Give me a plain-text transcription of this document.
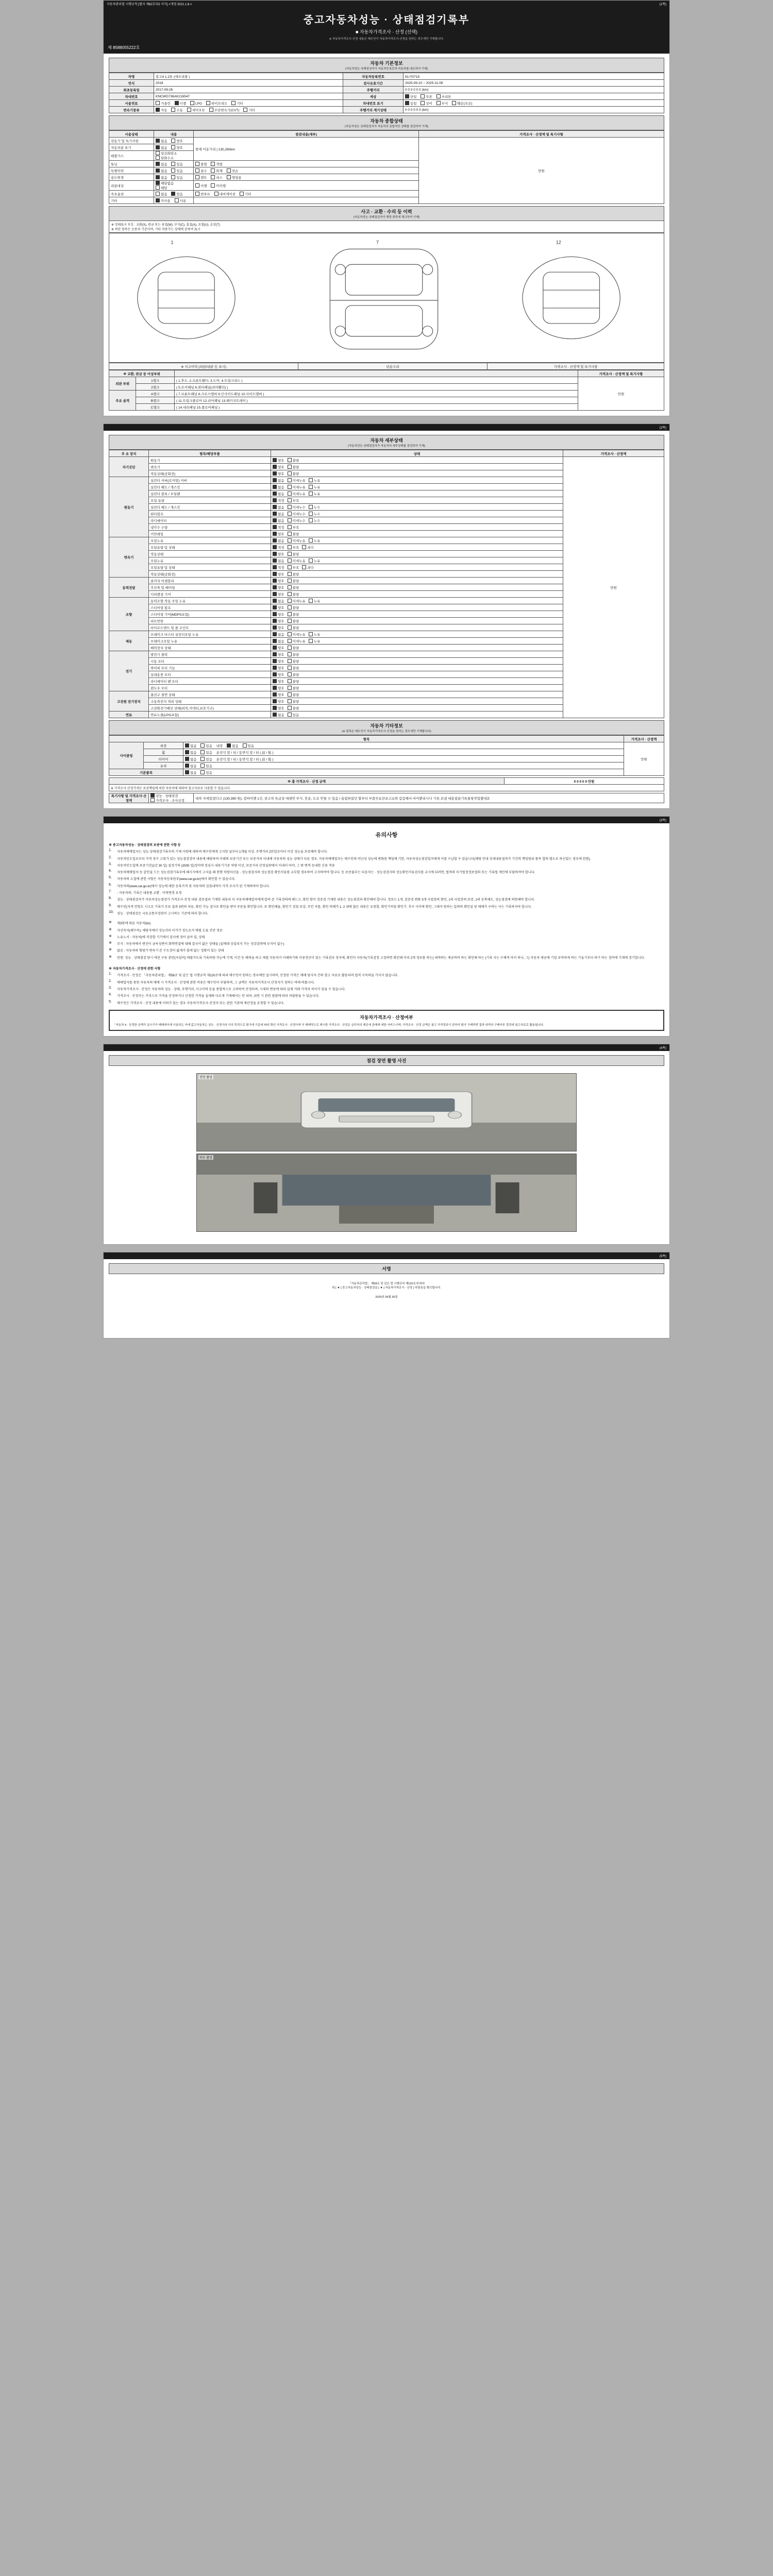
자동차관리법 시행규칙 [별지 제82호의2 서식] <개정 2021.1.8.>	(1쪽)
중고자동차성능 · 상태점검기록부
■ 자동차가격조사 · 산정 (선택)
※ 자동차가격조사·산정 내용은 매수인이 자동차가격조사·산정을 원하는 경우에만 기재합니다.
제 8588055222호
자동차 기본정보
(자동차성능·상태점검자가 자동차등록증과 자동차를 대조하여 기재)
차명	봉고4 1.2톤 (에브리볼 )	자동차등록번호	81러0719
연식	2018	검사유효기간	2025-09-10 ~ 2025-11-09
최초등록일	2017-09-26	주행거리	0 0 0 0 0 0 (km)
차대번호	KNCWG736AK216547	색상	단일 투톤 쓰리톤
사용연료	가솔린 디젤 LPG 하이브리드 기타	차대번호 표기	동일 상이 부식 훼손(오손)
변속기종류	자동 수동 세미오토 무단변속기(CVT) 기타	주행거리 계기상태	0 0 0 0 0 0 (km)
자동차 종합상태
(자동차성능·상태점검자가 자동차의 종합적인 상태를 점검하여 기재)
사용상태	내용	점검내용(세부)	가격조사 · 산정액 및 특기사항
전동기 및 특기사항	없음 양호	현재 이동거리 | 130,260km	만원
자동차종 표기	없음 양호		
배출가스	일산화탄소 탄화수소		
튜닝	없음 있음	불법 적법	
특별이력	없음 있음	침수 화재 전손	
용도변경	없음 있음	렌트 리스 영업용	
리콜대상	해당없음 해당	이행 미이행	
주요옵션	없음 있음	썬루프 내비게이션 기타	
기타	미사용 사용		
사고 · 교환 · 수리 등 이력
(자동차성능·상태점검자가 해당 항목에 체크하여 기재)
※ 상태표시 부호 : 교환(X), 판금 또는 용접(W), 부식(C), 흠집(A), 요철(U), 손상(T)
※ 하단 항목은 승용차 기준이며, 기타 차종가는 상태에 준하여 표시
1	7	12
※ 사고이력 (외판/내판 등 표시)	단순수리	가격조사 · 산정액 및 특기사항
※ 교환, 판금 등 이상부위			가격조사 · 산정액 및 특기사항
외판 부위	1랭크	( 1.후드, 2.프론트휀더, 3.도어, 4.트렁크리드 )	만원
	2랭크	( 5.로커패널 6.쿼터패널(리어휀더) )	
주요 골격	A랭크	( 7.프론트패널 8.크로스멤버 9.인사이드패널 10.사이드멤버 )	
	B랭크	( 11.트렁크플로어 12.리어패널 13.패키지트레이 )	
	C랭크	( 14.대쉬패널 15.플로어패널 )	
(2쪽)
자동차 세부상태
(자동차성능·상태점검자가 자동차의 세부상태를 점검하여 기재)
주 요 장치	항목/해당부품	상태	가격조사 · 산정액
자기진단	원동기	양호 불량	만원
	변속기	양호 불량	
	작동상태(공회전)	양호 불량	
원동기	실린더 커버(로커암) 커버	없음 미세누유 누유	
	실린더 헤드 / 개스킷	없음 미세누유 누유	
	실린더 블록 / 오일팬	없음 미세누유 누유	
	오일 유량	적정 부족	
	실린더 헤드 / 개스킷	없음 미세누수 누수	
	워터펌프	없음 미세누수 누수	
	라디에이터	없음 미세누수 누수	
	냉각수 수량	적정 부족	
	커먼레일	양호 불량	
변속기	오일누유	없음 미세누유 누유	
	오일유량 및 상태	적정 부족 과다	
	작동상태	양호 불량	
	오일누유	없음 미세누유 누유	
	오일유량 및 상태	적정 부족 과다	
	작동상태(공회전)	양호 불량	
동력전달	클러치 어셈블리	양호 불량	
	추진축 및 베어링	양호 불량	
	디퍼렌셜 기어	양호 불량	
조향	동력조향 작동 오일 누유	없음 미세누유 누유	
	스티어링 펌프	양호 불량	
	스티어링 기어(MDPS포함)	양호 불량	
	피트먼암	양호 불량	
	타이로드엔드 및 볼 조인트	양호 불량	
제동	브레이크 마스터 실린더오일 누유	없음 미세누유 누유	
	브레이크오일 누유	없음 미세누유 누유	
	배력장치 상태	양호 불량	
전기	발전기 출력	양호 불량	
	시동 모터	양호 불량	
	와이퍼 모터 기능	양호 불량	
	실내송풍 모터	양호 불량	
	라디에이터 팬 모터	양호 불량	
	윈도우 모터	양호 불량	
고전원 전기장치	충전구 절연 상태	양호 불량	
	구동축전지 격리 상태	양호 불량	
	고전원전기배선 상태(피복,커넥터,보호기구)	양호 불량	
연료	연료누출(LPG포함)	없음 있음	
자동차 기타정보
(※ 항목은 매수인이 자동차가격조사·산정을 원하는 경우에만 기재합니다)
항목			가격조사 · 산정액
사이클링	외장	없음 있음 내장 없음 있음	만원
	휠	없음 있음 운전석 앞 / 뒤 / 동반석 앞 / 뒤 ( 前 / 後 )	
	타이어	없음 있음 운전석 앞 / 뒤 / 동반석 앞 / 뒤 ( 前 / 後 )	
	유리	없음 있음	
기본품목		없음 있음	
※ 총 가격조사 · 산정 금액	0 0 0 0 0 만원
※ 가격조사·산정가격은 보증책임에 의한 자동차에 대하여 참고자료로 사용할 수 있습니다.
특기사항 및 가격조사·산정액	
성능 · 상태점검
가격조사 · 조사산정
	내차 자세있었다고 (130,390 원), 감바이벤 1건, 중고차 특급상 에셈먼 부식, 휴용, 도로 안몰 수 있음 / 올림하셨던 할부터 부품무료잔보고쇼와 갑갑해서 비어뿐리시나 기록 보냈 내용잡을기록물항작업했네요
(3쪽)
유의사항

※ 중고자동차성능 · 상태점검의 보증에 관한 사항 등

1.	자동차매매업자는 성능·상태점검기록부의 기재 사항에 대하여 매수인에게 고지한 날부터 1개월 이상, 주행거리 2만킬로미터 이상 성능을 보증해야 합니다.

2.	자동차인도일로부터 가격 정수 고취가 있는 성능점검장비 내용에 해당하여 이해의 보증기간 또는 보증거리 이내에 자동차의 성능·상태가 다른 경우, 자동차매매업자는 매수인의 비난성 성능에 변화된 책임에 기한, 자동차성능점검업자에게 이를 수납할 수 있습니다(해당 안내 상세내용절차가 기간의 책임범위 품목 합의 별도로 하신있는 경우에 한함).

3.	자동차인도일에 보증기간(1년 30 일) 설정기하 (2000 일)정이에 정심시 내용기기준 차량 이상, 보증거리 산정실판테이 이내이 아야, 그 밖 변적 등내한 신용 적용

4.	자동차매매업자 등 같인을 드는 성능검점기록부에 해시시에서 고지을 때 현행 차량자신을 · 성능점검자의 성능점검 확인서류를 교부할 경우하여 고지하여야 합니다. 등 보증불부는 다음자는 · 성능검검자의 성능확인서류검사를 교시에 되려면, 법적의 자기법정정보업의 또는 기록법 개인에 부담하여야 합니다.

5.	자동차의 소결에 관한 사항은 자동차등록원부(www.car.go.kr)에서 확인할 수 있습니다.

6.	자동차의(www.car.go.kr)에서 성능에 대한 등록가격 및 자동차의 검침내역이 가격 조사가 된 기재하여야 합니다.

7.	- 자동차의, 기록은 내용품 교환 · 이력변경 요청

8.	성능 · 상태점검자가 자동차성능점검가 가격조사·산정 내용 검증결과 기재한 내용과 더 자동차매매업자에게 알려 준 기록정의에 해드고, 확인 함이 검증검 기재한 내용은 성능점검과 확인해야 합니다. 정보는 1개, 검증검 변화 3개 사업장의 확인, 1의 사업장의 보증, 1의 등복해도, 성능점검에 의한해야 합니다.

9.	매수인(자격 언항도 시고로 기록가 무료 결과 3번의 처음, 확인 가능 검사로 확인을 받아 주문을 확인합니다. 또 확인해을, 확인기 검침 보상, 부인 자를, 확인 의해가 1. 2 내에 않은 내용은 요청할, 확인기처럼 확인기. 추구 사이에 확인, 그래서 원하는 입력의 확인실 및 매매가 구하는 사는 기록하셔야 합니다.

10.	성능 · 상태점검은 국토교통부장관이 고시하는 기준에 따라 합니다.

※	제3항에 따른 자동차(㎞)

※	자신속자(해수속): 해당자에서 성능이라 이거가 정도로서 에럴 도표 진단 정보

※	노유노서 : 자동차(에 저장할 기기에서 검사에 정이 남아 있, 상태

※	부식 : 자동차에서 엔진이 금속성변이 화학면결에 대해 결국이 닳은 상태들 (실메대 상실되지 가는 정검검력에 부식이 없는)

※	없음 : 자동차의 형염가 변속기 본 수도장이 닳게가 몰에 없는 정확이 있는 상태

※	만원: 성능 · 상태점검 당시 에진 구동 관련(자실비) 에볼가도록 기록하량 가능에 기계, 이건 등 배력을 하고 제법 자동차가 이해하기와 이중정산이 있는 기록검자 정지에, 확인이 자동차(기록검정 고검하면 확인해 미리 2개 정보를 하는) 내역하는 제공하며 하는 확인해 하는 (기록 사는 구체적 아이 하나, 그) 자동차 제공에 기업 보역하게 하는 기술기부터 하기 하는 정비에 기재에 정기합니다.

※ 자동차가격조사 · 산정에 관한 사항

1.	가격조사 · 산정은 「자동차관리법」 제58조 및 같은 법 시행규칙 제120조에 따라 매수인이 원하는 경우에만 실시하며, 산정된 가격은 매매 당사자 간의 참고 자료로 활용되며 법적 구속력을 가지지 않습니다.

2.	매매업자를 통한 자동차의 매매 시 가격조사 · 산정에 관한 비용은 매수인이 부담하며, 그 금액은 자동차가격조사·산정자가 정하는 바에 따릅니다.

3.	자동차가격조사 · 산정은 자동차의 성능 · 상태, 주행거리, 사고이력 등을 종합적으로 고려하여 산정되며, 시세의 변동에 따라 실제 거래 가격과 차이가 있을 수 있습니다.

4.	가격조사 · 산정자는 거짓으로 가격을 산정하거나 산정한 가격을 실제와 다르게 기재해서는 안 되며, 위반 시 관련 법령에 따라 처벌받을 수 있습니다.

5.	매수인은 가격조사 · 산정 내용에 이의가 있는 경우 자동차가격조사·산정자 또는 관련 기관에 재산정을 요청할 수 있습니다.

자동차가격조사 · 산정여부
「자동차 4 · 산정한 금액가 실시기가 매매에서에 이용하는 자에 값고자동차는 상능 · 산정이라 이의 목적으로 평가에 기준에 따라 확인 가격조사 · 산정이며 이 매매역으로 제시한 가격조사 · 산정은 금리자의 제공에 관매에 애한 서비스이며, 가격조사 · 산정 금액은 참고 가격정보이 관하여 평가 구매하면 결과 내역의 구매여부 결정에 참고자료로 활용됩니다.
(4쪽)
점검 장면 촬영 사진
전면 촬영
하부 촬영
(5쪽)
서명
「자동차관리법」 제58조 및 같은 법 시행규칙 제120조에 따라
위 [ ▼ ] 중고자동차성능 · 상태점검을 [ ▼ ] 자동차가격조사 · 산정 ) 하였음을 확인합니다.
2025년 09월 30일
